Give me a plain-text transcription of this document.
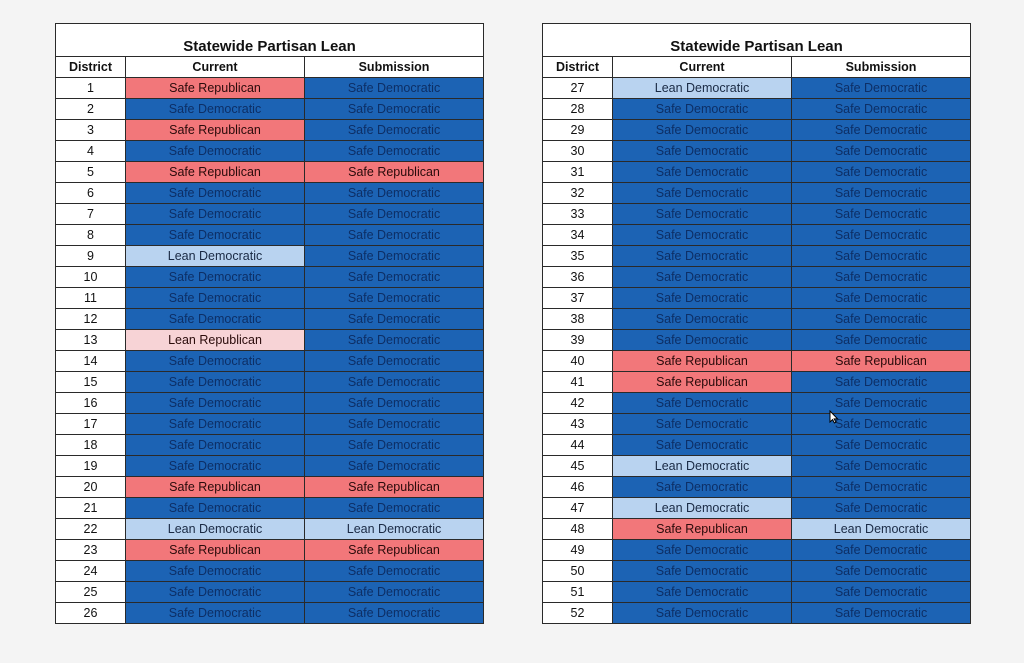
Statewide Partisan Lean		
District	Current	Submission
1	Safe Republican	Safe Democratic
2	Safe Democratic	Safe Democratic
3	Safe Republican	Safe Democratic
4	Safe Democratic	Safe Democratic
5	Safe Republican	Safe Republican
6	Safe Democratic	Safe Democratic
7	Safe Democratic	Safe Democratic
8	Safe Democratic	Safe Democratic
9	Lean Democratic	Safe Democratic
10	Safe Democratic	Safe Democratic
11	Safe Democratic	Safe Democratic
12	Safe Democratic	Safe Democratic
13	Lean Republican	Safe Democratic
14	Safe Democratic	Safe Democratic
15	Safe Democratic	Safe Democratic
16	Safe Democratic	Safe Democratic
17	Safe Democratic	Safe Democratic
18	Safe Democratic	Safe Democratic
19	Safe Democratic	Safe Democratic
20	Safe Republican	Safe Republican
21	Safe Democratic	Safe Democratic
22	Lean Democratic	Lean Democratic
23	Safe Republican	Safe Republican
24	Safe Democratic	Safe Democratic
25	Safe Democratic	Safe Democratic
26	Safe Democratic	Safe Democratic
Statewide Partisan Lean		
District	Current	Submission
27	Lean Democratic	Safe Democratic
28	Safe Democratic	Safe Democratic
29	Safe Democratic	Safe Democratic
30	Safe Democratic	Safe Democratic
31	Safe Democratic	Safe Democratic
32	Safe Democratic	Safe Democratic
33	Safe Democratic	Safe Democratic
34	Safe Democratic	Safe Democratic
35	Safe Democratic	Safe Democratic
36	Safe Democratic	Safe Democratic
37	Safe Democratic	Safe Democratic
38	Safe Democratic	Safe Democratic
39	Safe Democratic	Safe Democratic
40	Safe Republican	Safe Republican
41	Safe Republican	Safe Democratic
42	Safe Democratic	Safe Democratic
43	Safe Democratic	Safe Democratic
44	Safe Democratic	Safe Democratic
45	Lean Democratic	Safe Democratic
46	Safe Democratic	Safe Democratic
47	Lean Democratic	Safe Democratic
48	Safe Republican	Lean Democratic
49	Safe Democratic	Safe Democratic
50	Safe Democratic	Safe Democratic
51	Safe Democratic	Safe Democratic
52	Safe Democratic	Safe Democratic
